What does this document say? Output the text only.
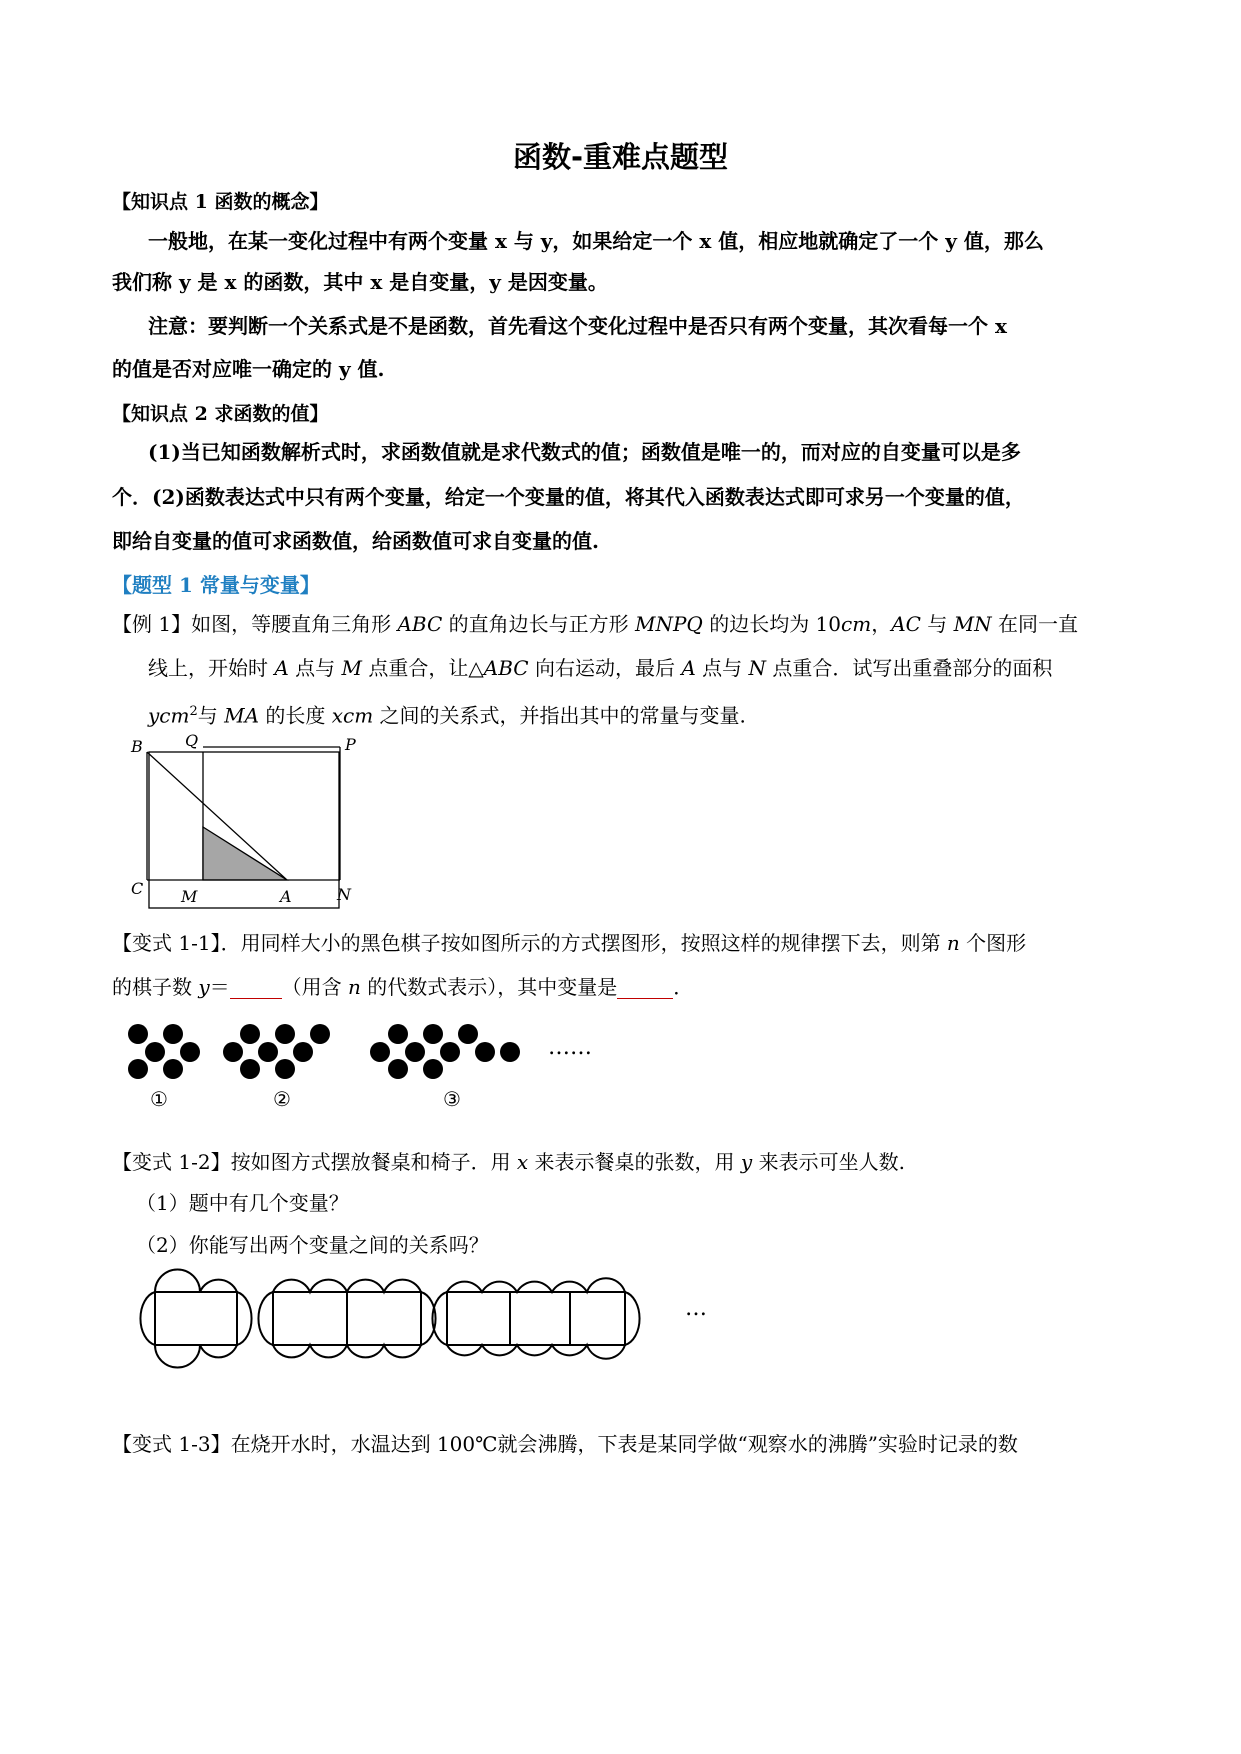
函数-重难点题型
【知识点 1 函数的概念】
一般地，在某一变化过程中有两个变量 x 与 y，如果给定一个 x 值，相应地就确定了一个 y 值，那么
我们称 y 是 x 的函数，其中 x 是自变量，y 是因变量。
注意：要判断一个关系式是不是函数，首先看这个变化过程中是否只有两个变量，其次看每一个 x
的值是否对应唯一确定的 y 值.
【知识点 2 求函数的值】
(1)当已知函数解析式时，求函数值就是求代数式的值；函数值是唯一的，而对应的自变量可以是多
个．(2)函数表达式中只有两个变量，给定一个变量的值，将其代入函数表达式即可求另一个变量的值，
即给自变量的值可求函数值，给函数值可求自变量的值.
【题型 1 常量与变量】
【例 1】如图，等腰直角三角形 ABC 的直角边长与正方形 MNPQ 的边长均为 10cm，AC 与 MN 在同一直
线上，开始时 A 点与 M 点重合，让△ABC 向右运动，最后 A 点与 N 点重合．试写出重叠部分的面积
ycm$^2$与 MA 的长度 xcm 之间的关系式，并指出其中的常量与变量.
B	Q	P
C M	A	N
【变式 1-1】．用同样大小的黑色棋子按如图所示的方式摆图形，按照这样的规律摆下去，则第 n 个图形
的棋子数 y＝	（用含 n 的代数式表示），其中变量是	．
……
①	②	③
【变式 1-2】按如图方式摆放餐桌和椅子．用 x 来表示餐桌的张数，用 y 来表示可坐人数.
（1）题中有几个变量？
（2）你能写出两个变量之间的关系吗？
…
【变式 1-3】在烧开水时，水温达到 100℃就会沸腾，下表是某同学做“观察水的沸腾”实验时记录的数
